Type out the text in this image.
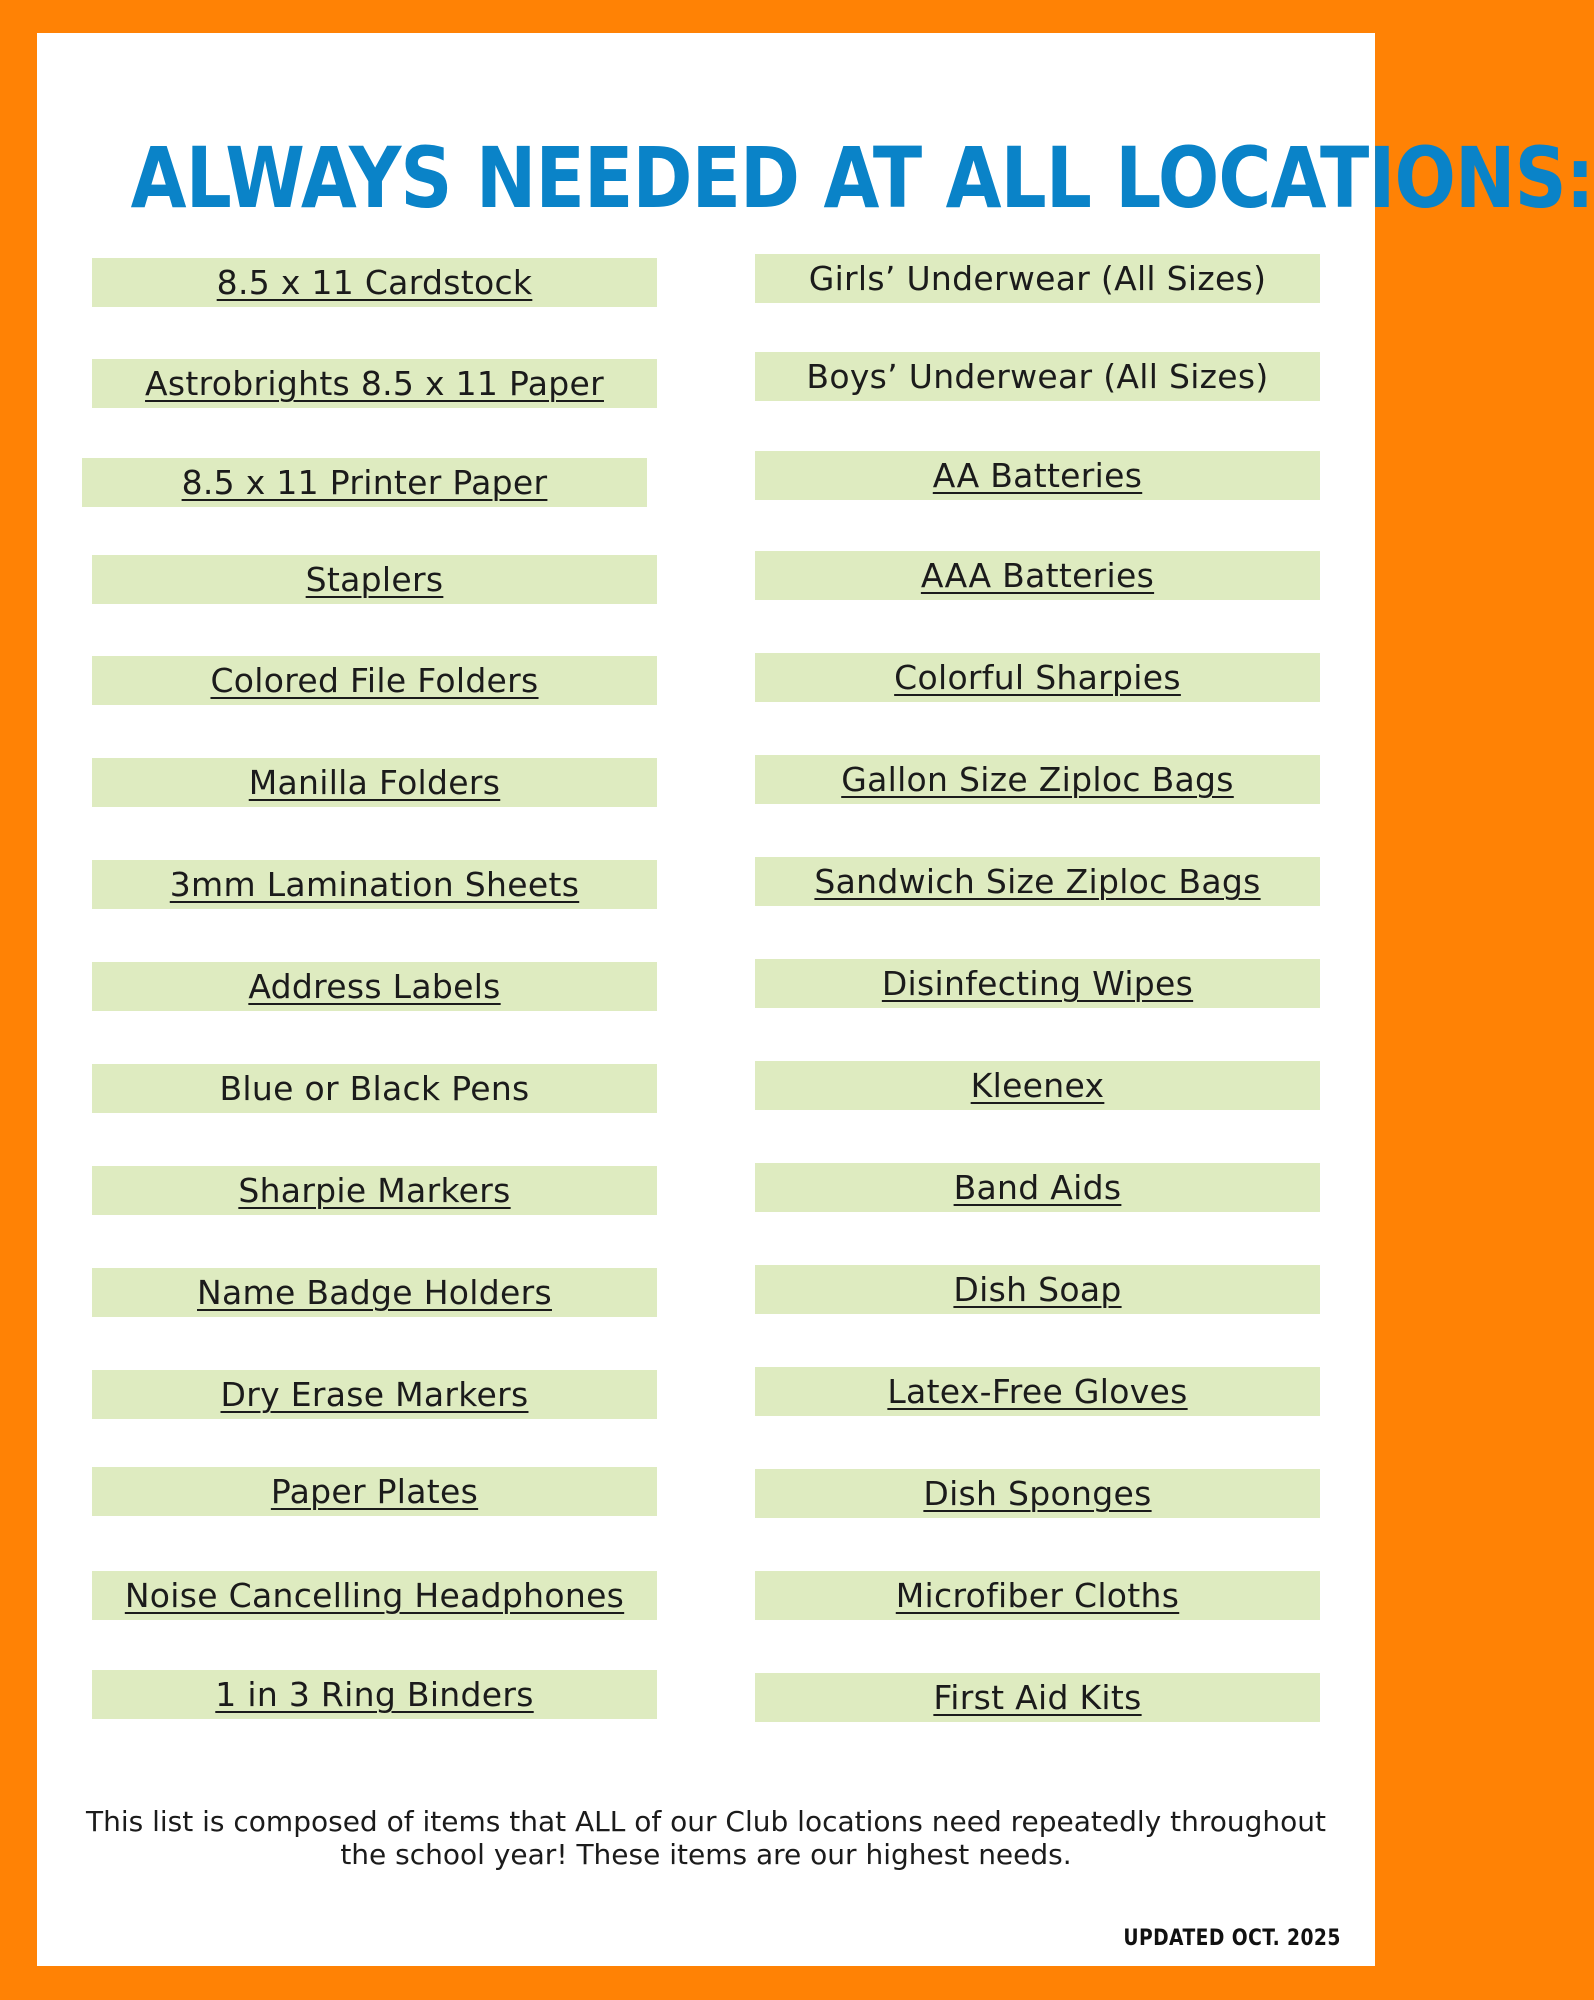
ALWAYS NEEDED AT ALL LOCATIONS:
8.5 x 11 Cardstock
Astrobrights 8.5 x 11 Paper
8.5 x 11 Printer Paper
Staplers
Colored File Folders
Manilla Folders
3mm Lamination Sheets
Address Labels
Blue or Black Pens
Sharpie Markers
Name Badge Holders
Dry Erase Markers
Paper Plates
Noise Cancelling Headphones
1 in 3 Ring Binders
Girls’ Underwear (All Sizes)
Boys’ Underwear (All Sizes)
AA Batteries
AAA Batteries
Colorful Sharpies
Gallon Size Ziploc Bags
Sandwich Size Ziploc Bags
Disinfecting Wipes
Kleenex
Band Aids
Dish Soap
Latex-Free Gloves
Dish Sponges
Microfiber Cloths
First Aid Kits
This list is composed of items that ALL of our Club locations need repeatedly throughout the school year! These items are our highest needs.
UPDATED OCT. 2025
